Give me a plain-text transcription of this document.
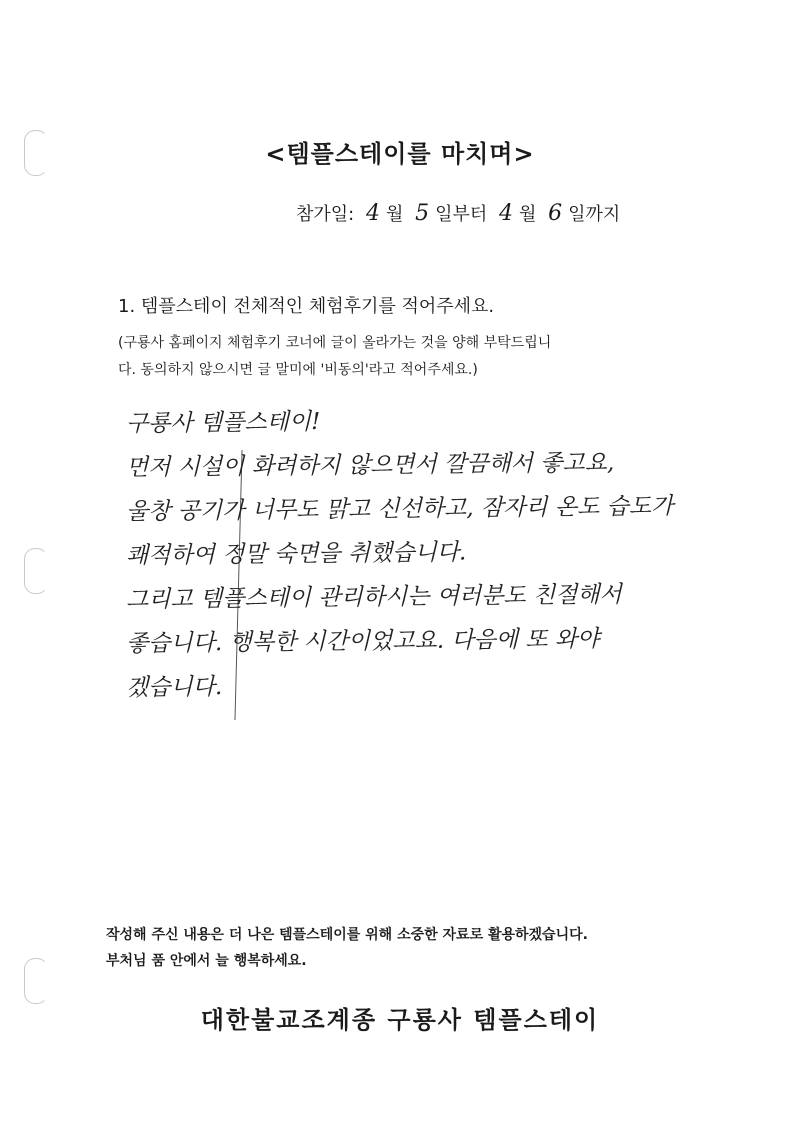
<템플스테이를 마치며>
참가일: 4 월 5 일부터 4 월 6 일까지
1. 템플스테이 전체적인 체험후기를 적어주세요.
(구룡사 홈페이지 체험후기 코너에 글이 올라가는 것을 양해 부탁드립니
다. 동의하지 않으시면 글 말미에 '비동의'라고 적어주세요.)
구룡사 템플스테이!
먼저 시설이 화려하지 않으면서 깔끔해서 좋고요,
울창 공기가 너무도 맑고 신선하고, 잠자리 온도 습도가
쾌적하여 정말 숙면을 취했습니다.
그리고 템플스테이 관리하시는 여러분도 친절해서
좋습니다. 행복한 시간이었고요. 다음에 또 와야
겠습니다.

작성해 주신 내용은 더 나은 템플스테이를 위해 소중한 자료로 활용하겠습니다.

부처님 품 안에서 늘 행복하세요.

대한불교조계종 구룡사 템플스테이
